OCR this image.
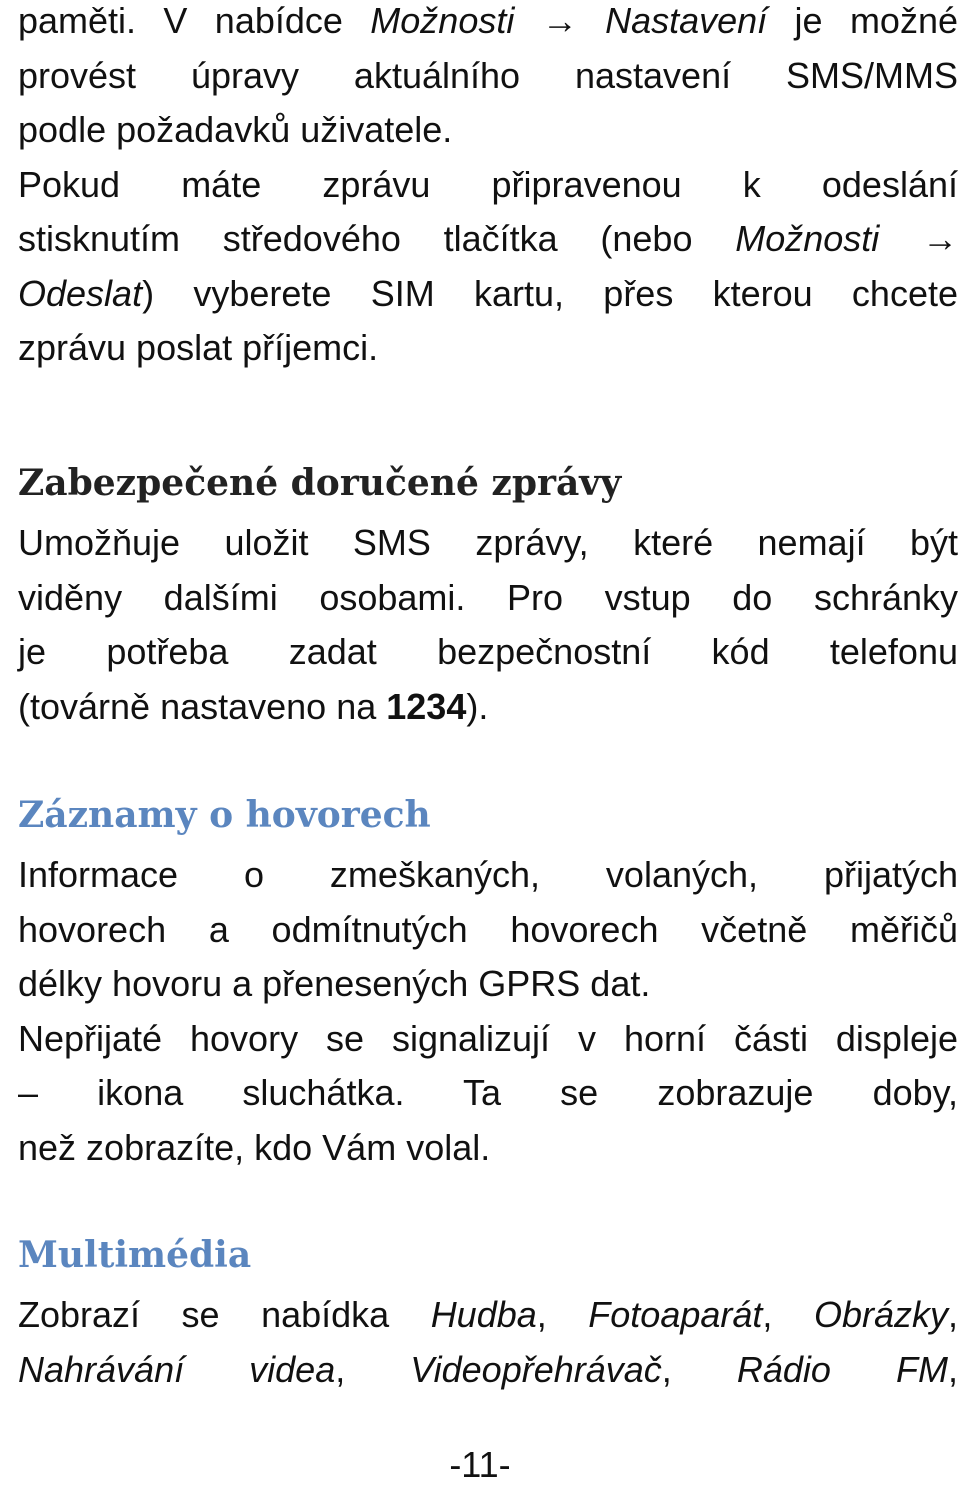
paměti. V nabídce Možnosti → Nastavení je možné
provést úpravy aktuálního nastavení SMS/MMS
podle požadavků uživatele.
Pokud máte zprávu připravenou k odeslání
stisknutím středového tlačítka (nebo Možnosti →
Odeslat) vyberete SIM kartu, přes kterou chcete
zprávu poslat příjemci.
Zabezpečené doručené zprávy
Umožňuje uložit SMS zprávy, které nemají být
viděny dalšími osobami. Pro vstup do schránky
je potřeba zadat bezpečnostní kód telefonu
(továrně nastaveno na 1234).
Záznamy o hovorech
Informace o zmeškaných, volaných, přijatých
hovorech a odmítnutých hovorech včetně měřičů
délky hovoru a přenesených GPRS dat.
Nepřijaté hovory se signalizují v horní části displeje
– ikona sluchátka. Ta se zobrazuje doby,
než zobrazíte, kdo Vám volal.
Multimédia
Zobrazí se nabídka Hudba, Fotoaparát, Obrázky,
Nahrávání videa, Videopřehrávač, Rádio FM,
-11-
